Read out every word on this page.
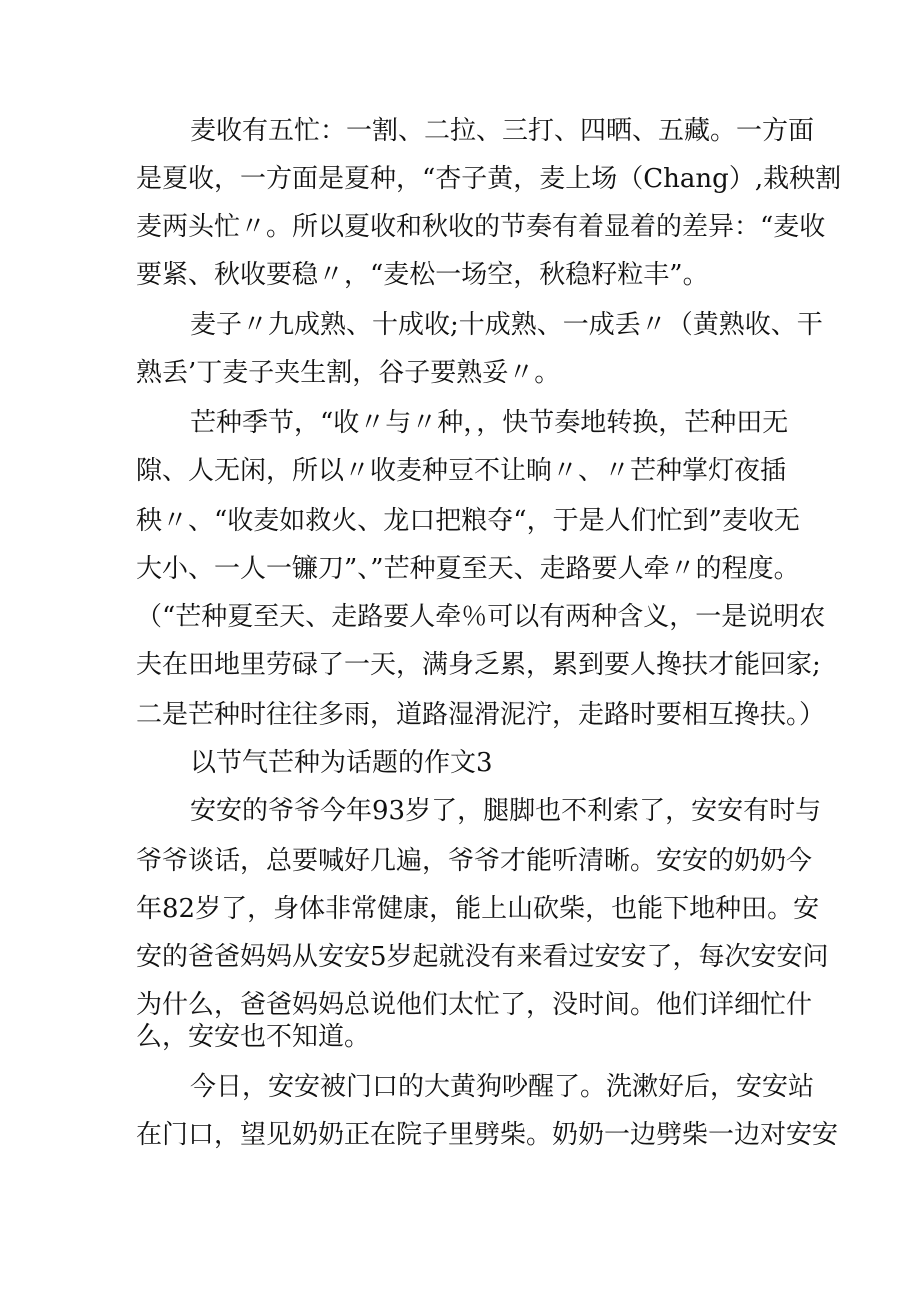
麦收有五忙：一割、二拉、三打、四晒、五藏。一方面
是夏收，一方面是夏种，“杏子黄，麦上场（Chang）,栽秧割
麦两头忙〃。所以夏收和秋收的节奏有着显着的差异：“麦收
要紧、秋收要稳〃，“麦松一场空，秋稳籽粒丰”。
麦子〃九成熟、十成收;十成熟、一成丢〃（黄熟收、干
熟丢’丁麦子夹生割，谷子要熟妥〃。
芒种季节，“收〃与〃种，，快节奏地转换，芒种田无
隙、人无闲，所以〃收麦种豆不让晌〃、〃芒种掌灯夜插
秧〃、“收麦如救火、龙口把粮夺“，于是人们忙到”麦收无
大小、一人一镰刀”、”芒种夏至天、走路要人牵〃的程度。
（“芒种夏至天、走路要人牵％可以有两种含义，一是说明农
夫在田地里劳碌了一天，满身乏累，累到要人搀扶才能回家;
二是芒种时往往多雨，道路湿滑泥泞，走路时要相互搀扶。）
以节气芒种为话题的作文3
安安的爷爷今年93岁了，腿脚也不利索了，安安有时与
爷爷谈话，总要喊好几遍，爷爷才能听清晰。安安的奶奶今
年82岁了，身体非常健康，能上山砍柴，也能下地种田。安
安的爸爸妈妈从安安5岁起就没有来看过安安了，每次安安问
为什么，爸爸妈妈总说他们太忙了，没时间。他们详细忙什
么，安安也不知道。
今日，安安被门口的大黄狗吵醒了。洗漱好后，安安站
在门口，望见奶奶正在院子里劈柴。奶奶一边劈柴一边对安安
